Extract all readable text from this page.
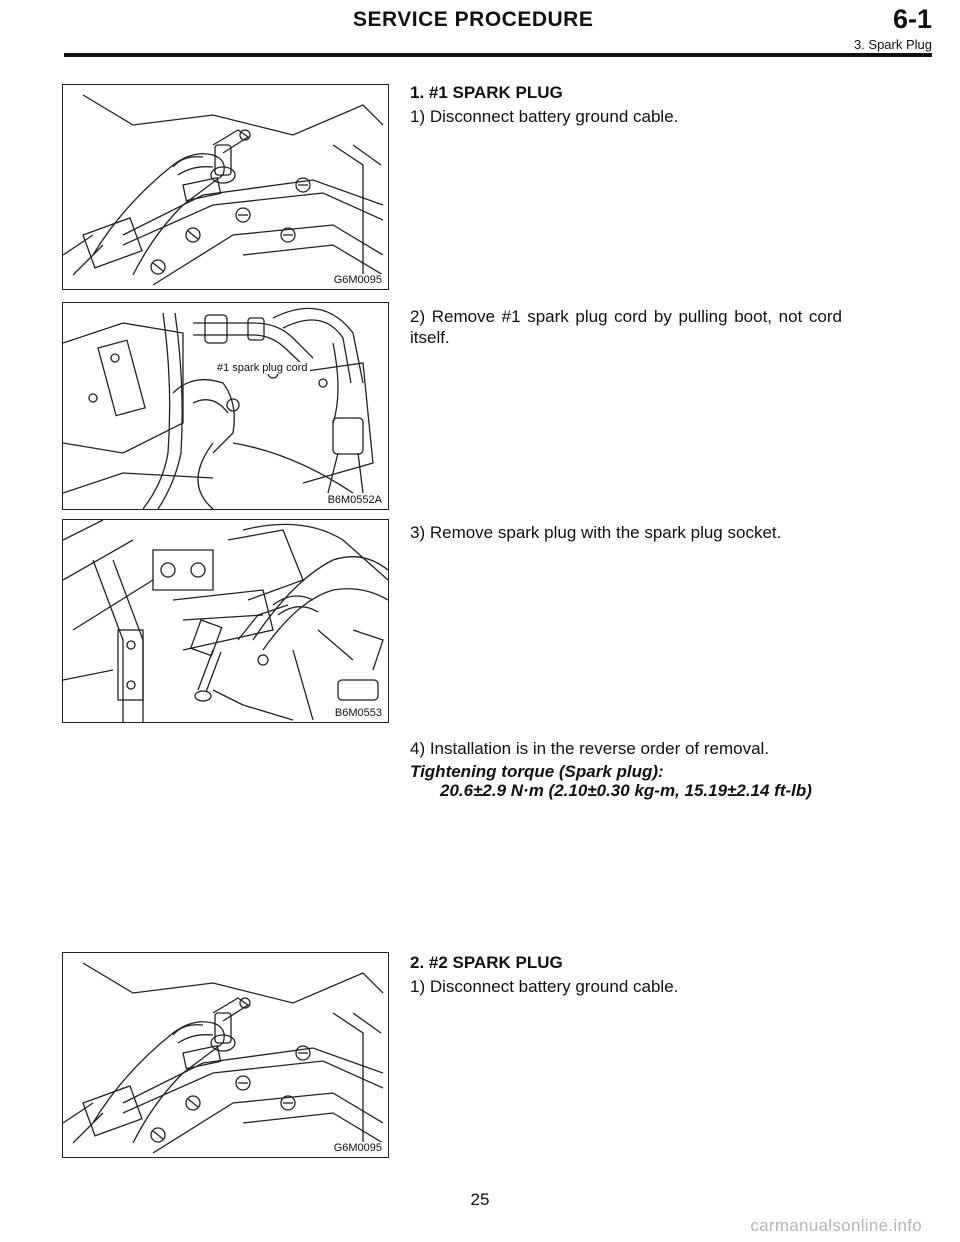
SERVICE PROCEDURE	6-1
3. Spark Plug
G6M0095
#1 spark plug cord
B6M0552A
B6M0553
G6M0095
1. #1 SPARK PLUG
1) Disconnect battery ground cable.
2) Remove #1 spark plug cord by pulling boot, not cord itself.
3) Remove spark plug with the spark plug socket.
4) Installation is in the reverse order of removal.
Tightening torque (Spark plug):
20.6±2.9 N·m (2.10±0.30 kg-m, 15.19±2.14 ft-lb)
2. #2 SPARK PLUG
1) Disconnect battery ground cable.
25
carmanualsonline.info
